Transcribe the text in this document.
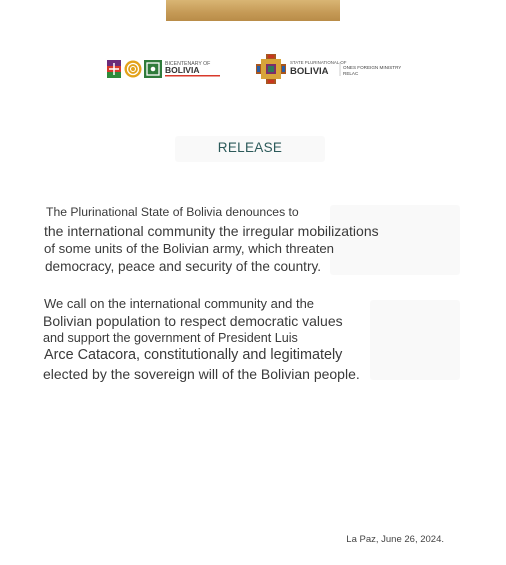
BICENTENARY OF
BOLIVIA
STATE PLURINATIONAL OF
BOLIVIA	ONES FOREIGN MINISTRY
RELAC
RELEASE
The Plurinational State of Bolivia denounces to
the international community the irregular mobilizations
of some units of the Bolivian army, which threaten
democracy, peace and security of the country.
We call on the international community and the
Bolivian population to respect democratic values
and support the government of President Luis
Arce Catacora, constitutionally and legitimately
elected by the sovereign will of the Bolivian people.
La Paz, June 26, 2024.
